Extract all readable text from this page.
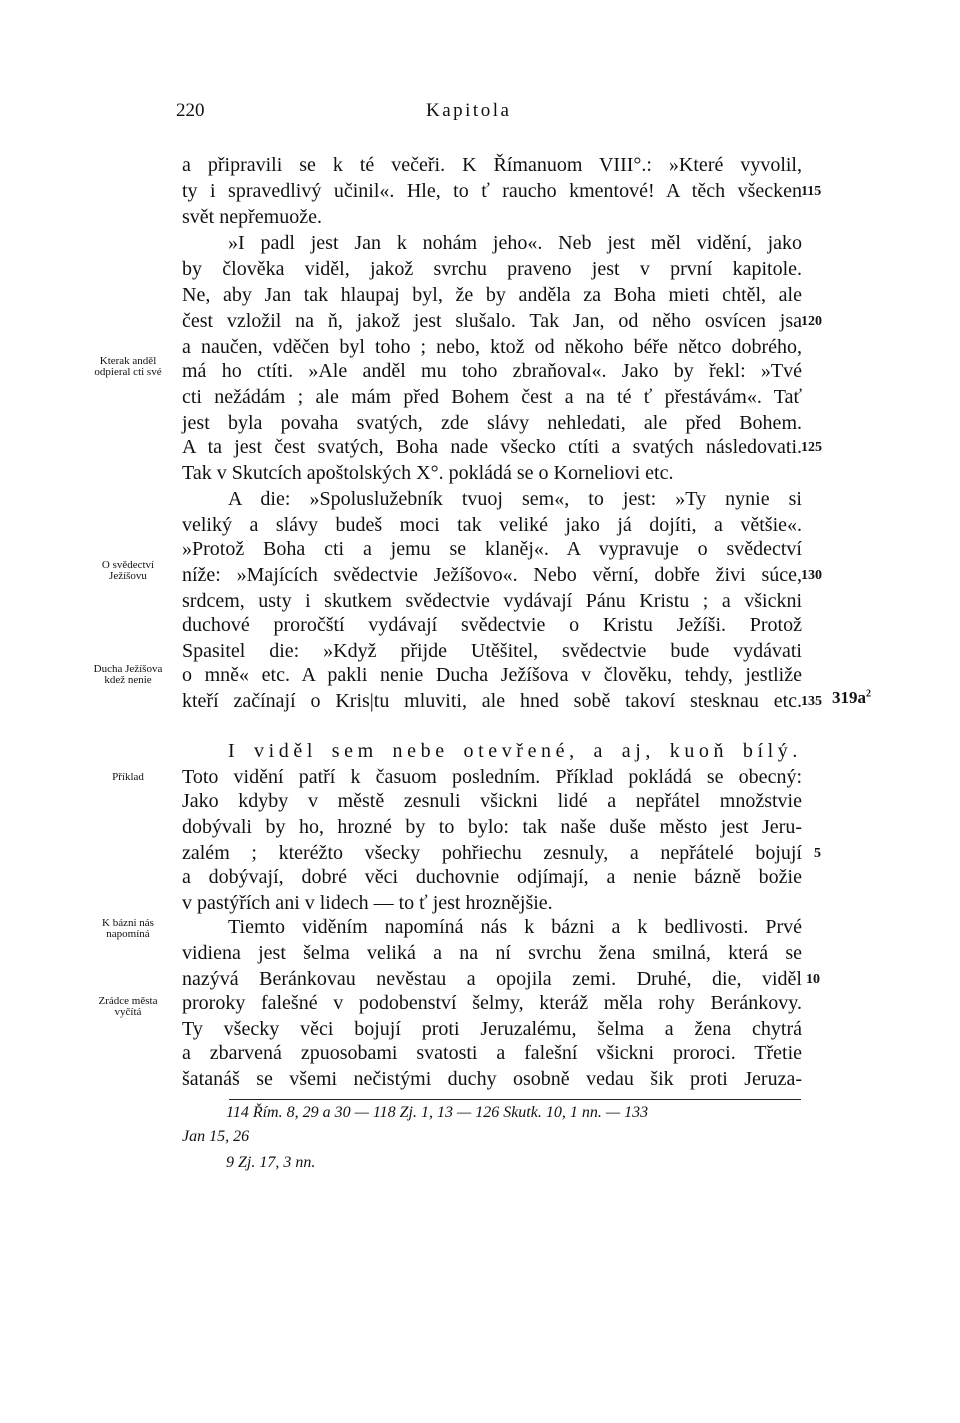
220	Kapitola
a připravili se k té večeři. K Římanuom VIII°.: »Které vyvolil,
ty i spravedlivý učinil«. Hle, to ť raucho kmentové! A těch všecken
svět nepřemuože.
»I padl jest Jan k nohám jeho«. Neb jest měl vidění, jako
by člověka viděl, jakož svrchu praveno jest v první kapitole.
Ne, aby Jan tak hlaupaj byl, že by anděla za Boha mieti chtěl, ale
čest vzložil na ň, jakož jest slušalo. Tak Jan, od něho osvícen jsa
a naučen, vděčen byl toho ; nebo, ktož od někoho béře nětco dobrého,
má ho ctíti. »Ale anděl mu toho zbraňoval«. Jako by řekl: »Tvé
cti nežádám ; ale mám před Bohem čest a na té ť přestávám«. Tať
jest byla povaha svatých, zde slávy nehledati, ale před Bohem.
A ta jest čest svatých, Boha nade všecko ctíti a svatých následovati.
Tak v Skutcích apoštolských X°. pokládá se o Korneliovi etc.
A die: »Spoluslužebník tvuoj sem«, to jest: »Ty nynie si
veliký a slávy budeš moci tak veliké jako já dojíti, a většie«.
»Protož Boha cti a jemu se klaněj«. A vypravuje o svědectví
níže: »Majících svědectvie Ježíšovo«. Nebo věrní, dobře živi súce,
srdcem, usty i skutkem svědectvie vydávají Pánu Kristu ; a všickni
duchové proročští vydávají svědectvie o Kristu Ježíši. Protož
Spasitel die: »Když přijde Utěšitel, svědectvie bude vydávati
o mně« etc. A pakli nenie Ducha Ježíšova v člověku, tehdy, jestližе
kteří začínají o Kris|tu mluviti, ale hned sobě takoví stesknau etc.
I viděl sem nebe otevřené, a aj, kuoň bílý.
Toto vidění patří k časuom posledním. Příklad pokládá se obecný:
Jako kdyby v městě zesnuli všickni lidé a nepřátel množstvie
dobývali by ho, hrozné by to bylo: tak naše duše město jest Jeru-
zalém ; kteréžto všecky pohřiechu zesnuly, a nepřátelé bojují
a dobývají, dobré věci duchovnie odjímají, a nenie bázně božie
v pastýřích ani v lidech — to ť jest hroznějšie.
Tiemto viděním napomíná nás k bázni a k bedlivosti. Prvé
vidiena jest šelma veliká a na ní svrchu žena smilná, která se
nazývá Beránkovau nevěstau a opojila zemi. Druhé, die, viděl
proroky falešné v podobenství šelmy, kteráž měla rohy Beránkovy.
Ty všecky věci bojují proti Jeruzalému, šelma a žena chytrá
a zbarvená zpuosobami svatosti a falešní všickni proroci. Třetie
šatanáš se všemi nečistými duchy osobně vedau šik proti Jeruza-
115
120
125
130
135
5
10
$319a^2$
Kterak anděl
odpieral cti své
O svědectví
Ježíšovu
Ducha Ježíšova
kdež nenie
Příklad
K bázni nás
napomíná
Zrádce města
vyčítá
114 Řím. 8, 29 a 30 — 118 Zj. 1, 13 — 126 Skutk. 10, 1 nn. — 133
Jan 15, 26
9 Zj. 17, 3 nn.
